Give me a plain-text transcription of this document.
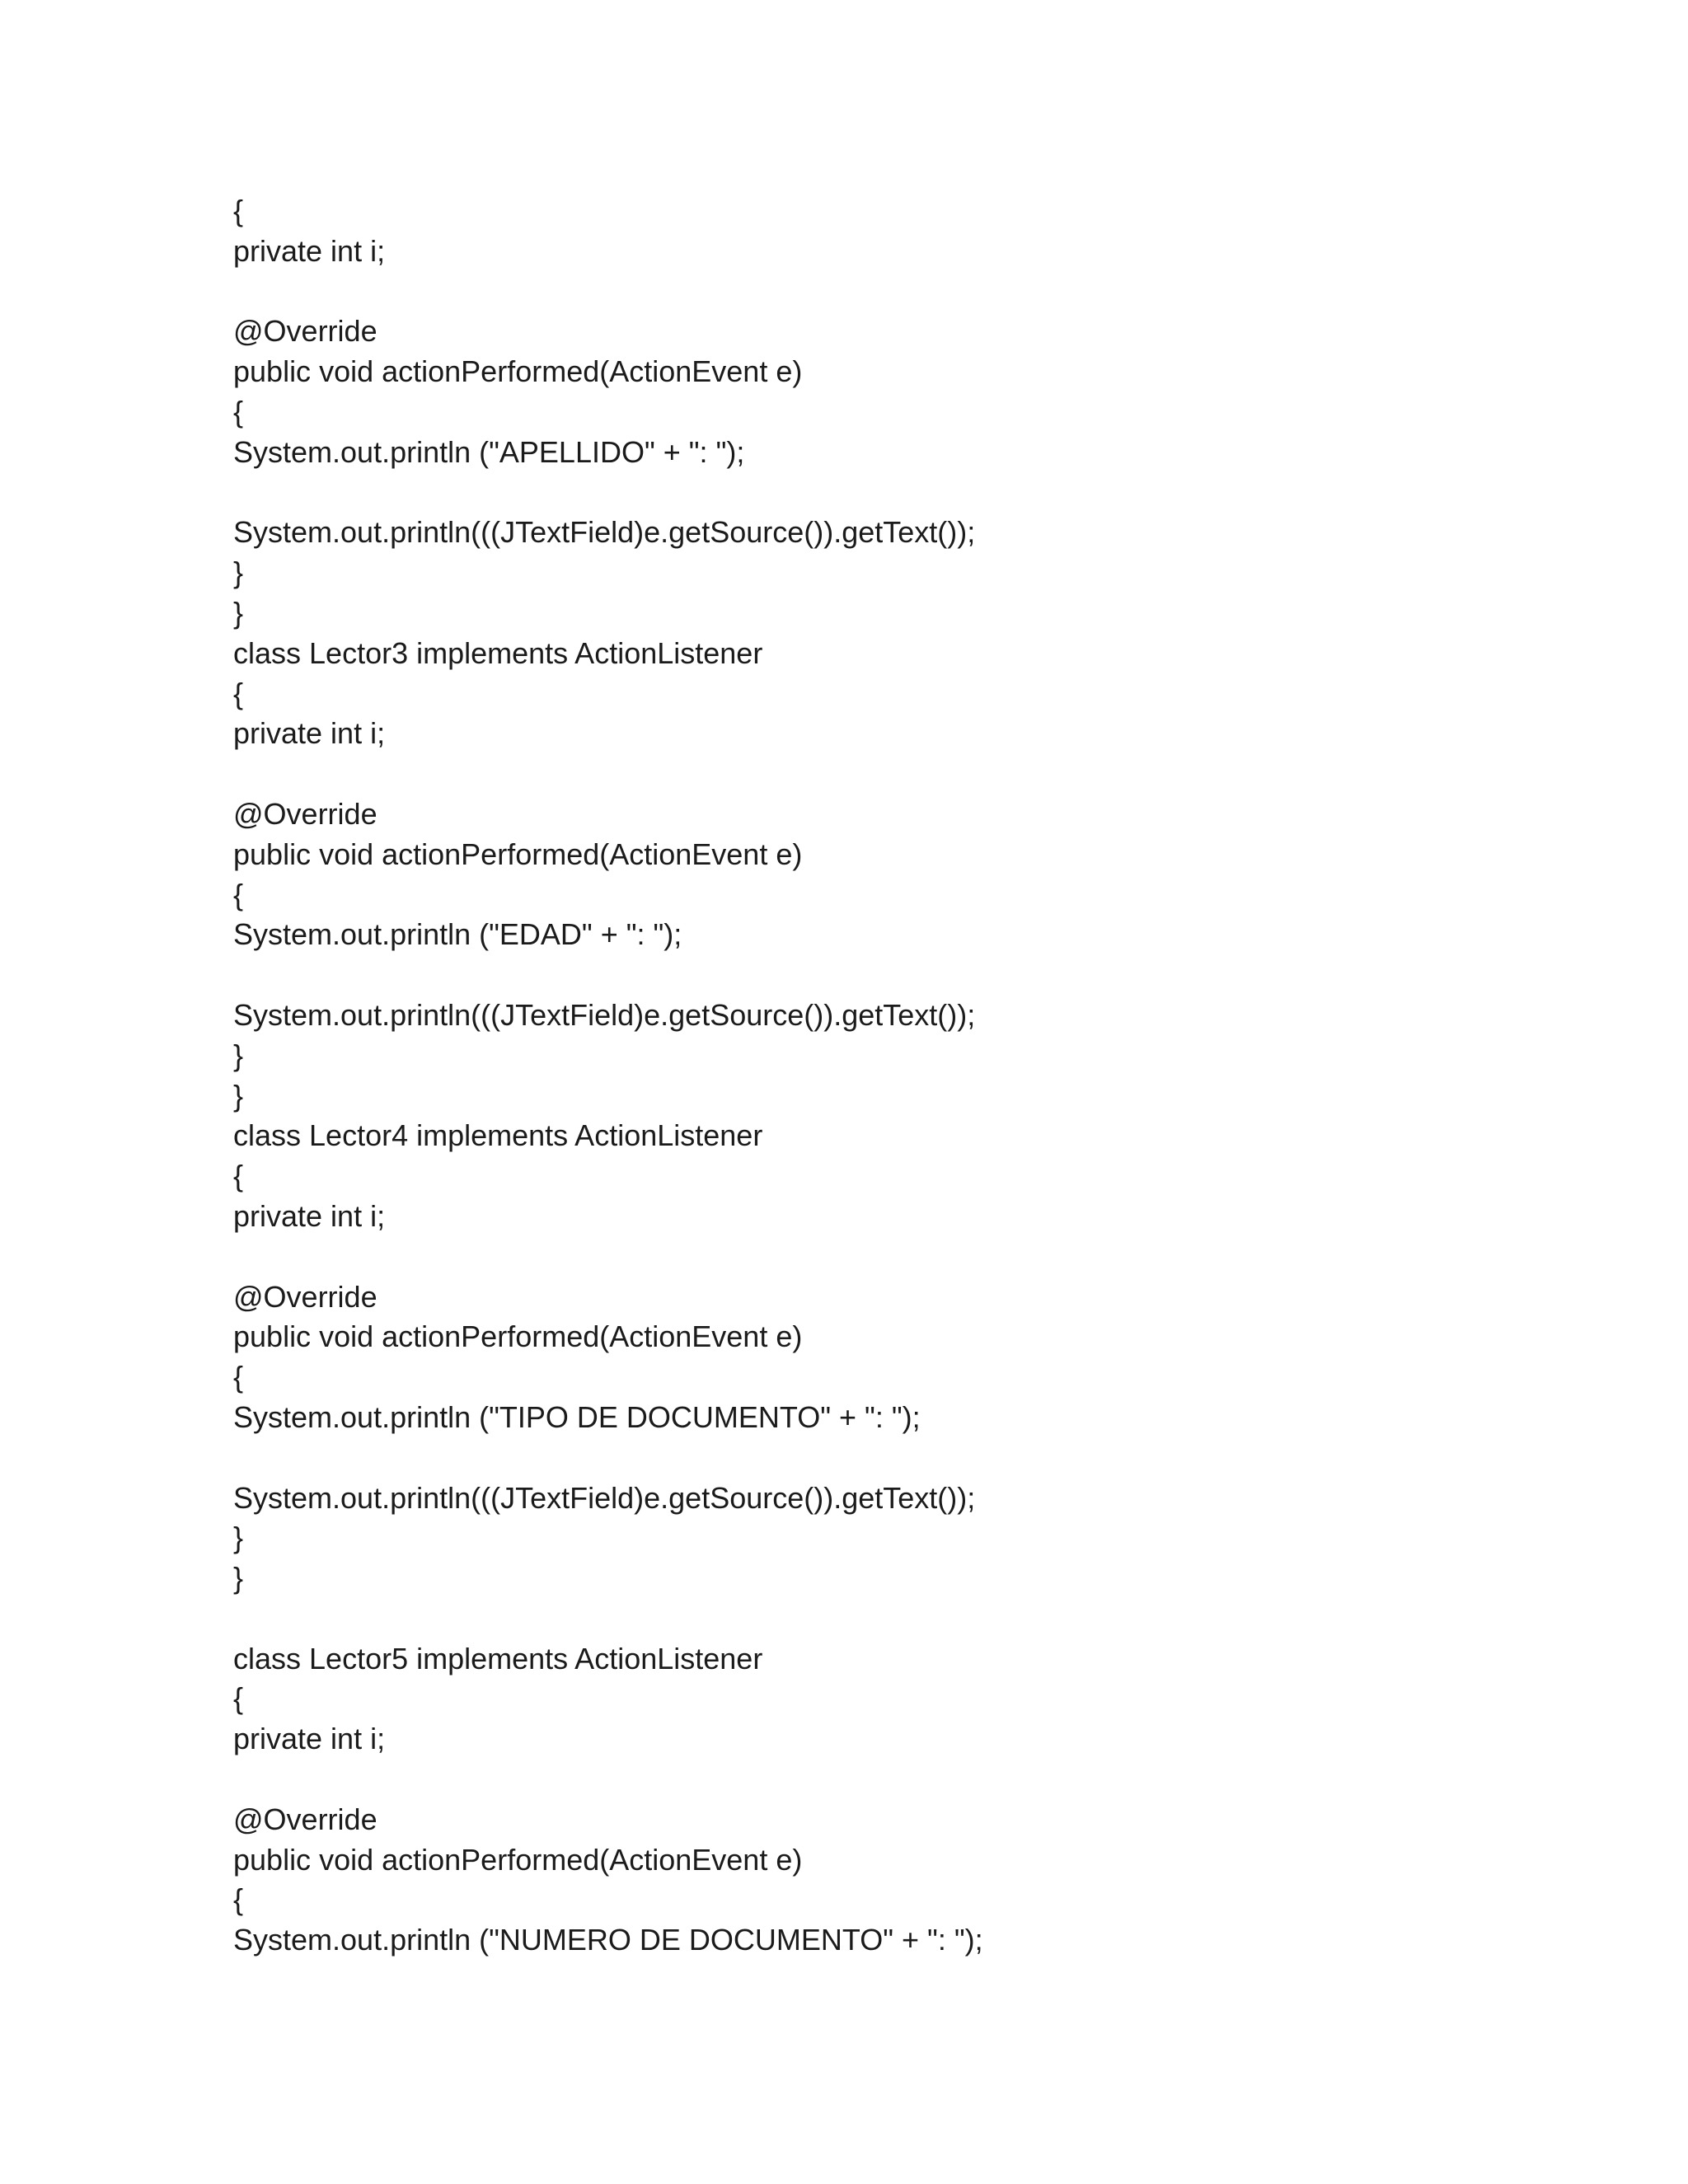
{
private int i;
@Override
public void actionPerformed(ActionEvent e)
{
System.out.println ("APELLIDO" + ": ");
System.out.println(((JTextField)e.getSource()).getText());
}
}
class Lector3 implements ActionListener
{
private int i;
@Override
public void actionPerformed(ActionEvent e)
{
System.out.println ("EDAD" + ": ");
System.out.println(((JTextField)e.getSource()).getText());
}
}
class Lector4 implements ActionListener
{
private int i;
@Override
public void actionPerformed(ActionEvent e)
{
System.out.println ("TIPO DE DOCUMENTO" + ": ");
System.out.println(((JTextField)e.getSource()).getText());
}
}
class Lector5 implements ActionListener
{
private int i;
@Override
public void actionPerformed(ActionEvent e)
{
System.out.println ("NUMERO DE DOCUMENTO" + ": ");
